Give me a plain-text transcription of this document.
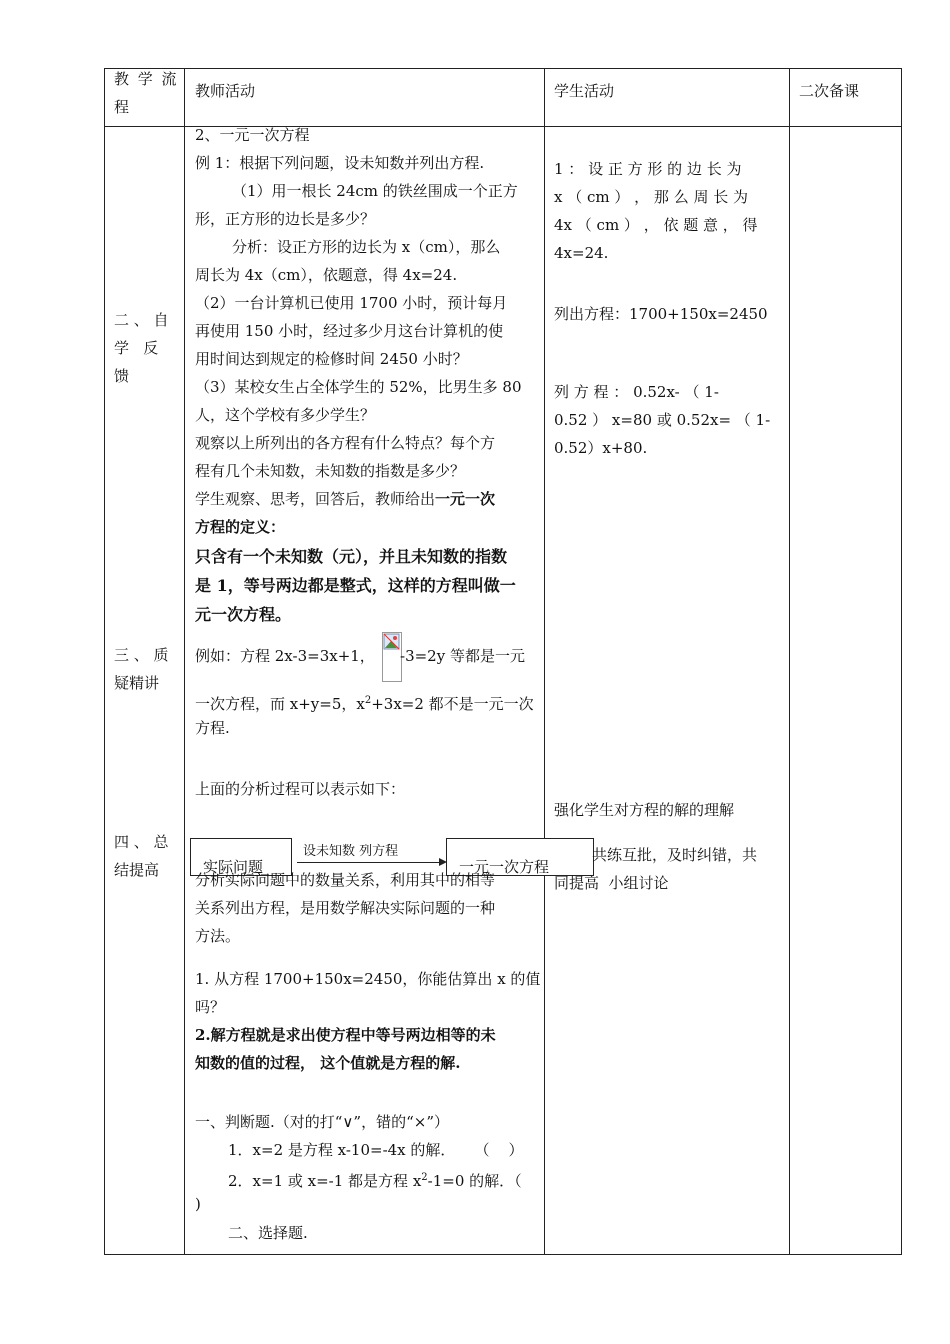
教 学 流
程
教师活动	学生活动	二次备课
二 、 自
学   反
馈
三 、 质
疑精讲
四 、 总
结提高
2、一元一次方程
例 1：根据下列问题，设未知数并列出方程.
（1）用一根长 24cm 的铁丝围成一个正方
形，正方形的边长是多少？
分析：设正方形的边长为 x（cm），那么
周长为 4x（cm），依题意，得 4x=24.
（2）一台计算机已使用 1700 小时，预计每月
再使用 150 小时，经过多少月这台计算机的使
用时间达到规定的检修时间 2450 小时？
（3）某校女生占全体学生的 52%，比男生多 80
人，这个学校有多少学生？
观察以上所列出的各方程有什么特点？每个方
程有几个未知数，未知数的指数是多少？
学生观察、思考，回答后，教师给出一元一次
方程的定义：
只含有一个未知数（元），并且未知数的指数
是 1，等号两边都是整式，这样的方程叫做一
元一次方程。
例如：方程 2x-3=3x+1， -3=2y 等都是一元
一次方程，而 x+y=5，$x^2+3x=2$ 都不是一元一次
方程.
上面的分析过程可以表示如下：
实际问题
设未知数 列方程
一元一次方程
分析实际问题中的数量关系，利用其中的相等
关系列出方程，是用数学解决实际问题的一种
方法。
1. 从方程 1700+150x=2450，你能估算出 x 的值
吗？
2.解方程就是求出使方程中等号两边相等的未
知数的值的过程， 这个值就是方程的解.
一、判断题.（对的打“∨”，错的“×”）
1．x=2 是方程 x-10=-4x 的解．    （    ）
2．x=1 或 x=-1 都是方程 $x^2-1=0$ 的解．（
)
二、选择题.
1 ： 设 正 方 形 的 边 长 为
x （ cm ） ， 那 么 周 长 为
4x （ cm ） ， 依 题 意 ， 得
4x=24.
列出方程：1700+150x=2450
列 方 程 ： 0.52x- （ 1-
0.52 ） x=80 或 0.52x= （ 1-
0.52）x+80.
强化学生对方程的解的理解
共练互批，及时纠错，共
同提高  小组讨论
